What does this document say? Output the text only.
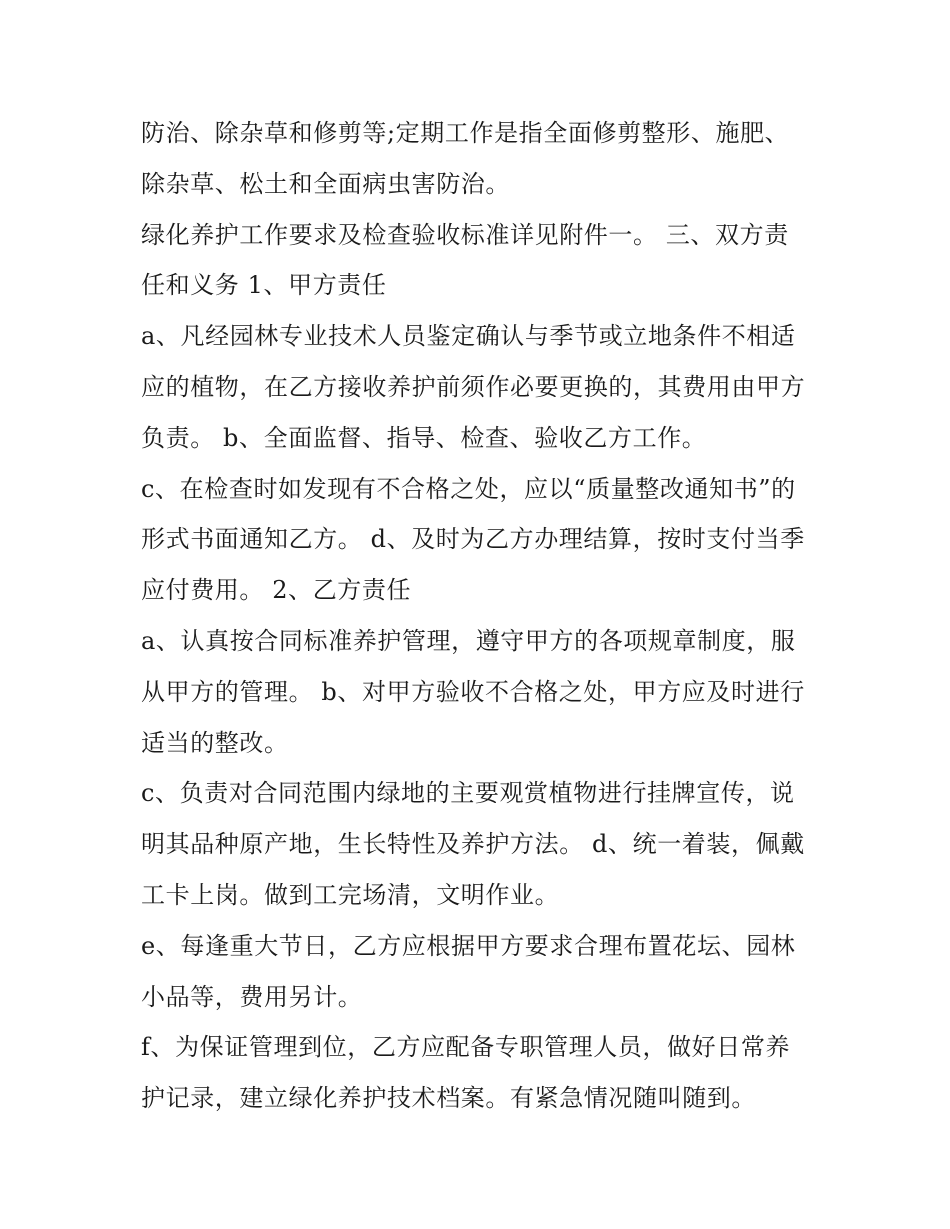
防治、除杂草和修剪等;定期工作是指全面修剪整形、施肥、
除杂草、松土和全面病虫害防治。
绿化养护工作要求及检查验收标准详见附件一。 三、双方责
任和义务 1、甲方责任
a、凡经园林专业技术人员鉴定确认与季节或立地条件不相适
应的植物，在乙方接收养护前须作必要更换的，其费用由甲方
负责。 b、全面监督、指导、检查、验收乙方工作。
c、在检查时如发现有不合格之处，应以“质量整改通知书”的
形式书面通知乙方。 d、及时为乙方办理结算，按时支付当季
应付费用。 2、乙方责任
a、认真按合同标准养护管理，遵守甲方的各项规章制度，服
从甲方的管理。 b、对甲方验收不合格之处，甲方应及时进行
适当的整改。
c、负责对合同范围内绿地的主要观赏植物进行挂牌宣传，说
明其品种原产地，生长特性及养护方法。 d、统一着装，佩戴
工卡上岗。做到工完场清，文明作业。
e、每逢重大节日，乙方应根据甲方要求合理布置花坛、园林
小品等，费用另计。
f、为保证管理到位，乙方应配备专职管理人员，做好日常养
护记录，建立绿化养护技术档案。有紧急情况随叫随到。
